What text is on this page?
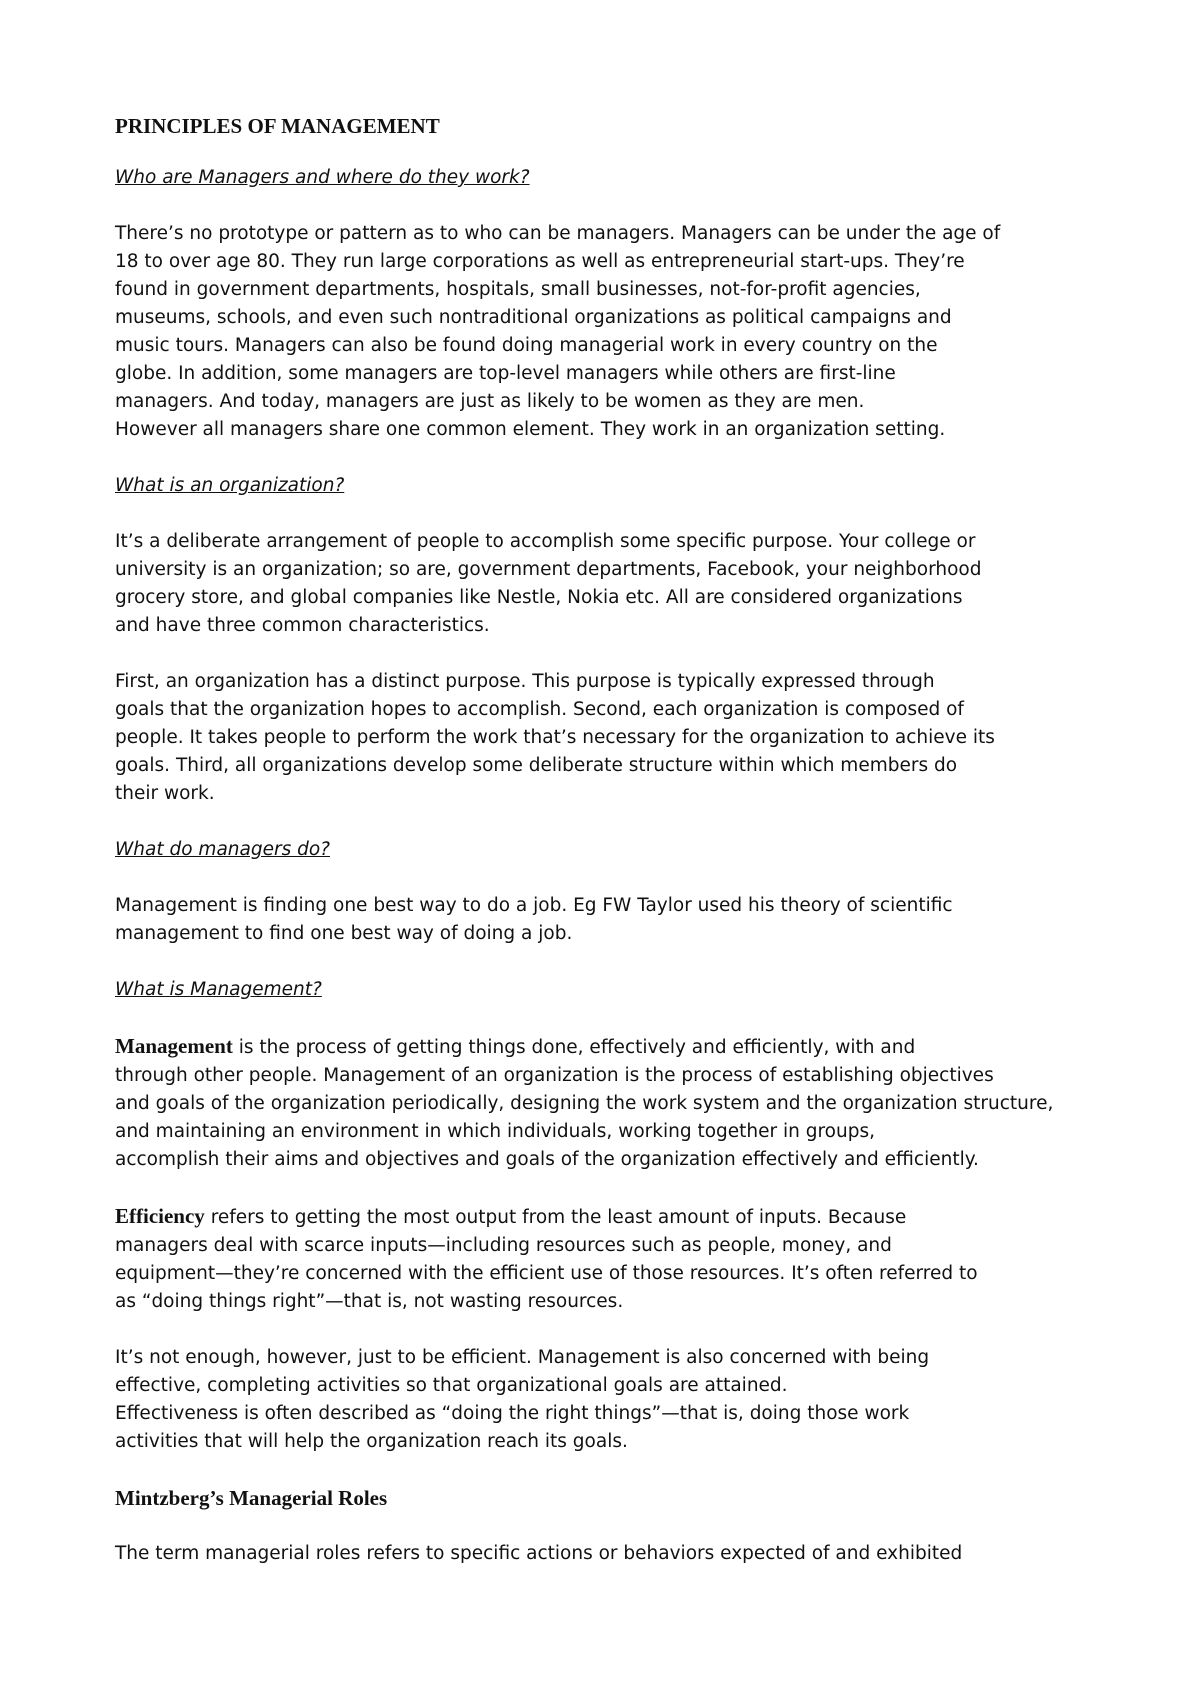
PRINCIPLES OF MANAGEMENT
Who are Managers and where do they work?
There’s no prototype or pattern as to who can be managers. Managers can be under the age of
18 to over age 80. They run large corporations as well as entrepreneurial start-ups. They’re
found in government departments, hospitals, small businesses, not-for-profit agencies,
museums, schools, and even such nontraditional organizations as political campaigns and
music tours. Managers can also be found doing managerial work in every country on the
globe. In addition, some managers are top-level managers while others are first-line
managers. And today, managers are just as likely to be women as they are men.
However all managers share one common element. They work in an organization setting.
What is an organization?
It’s a deliberate arrangement of people to accomplish some specific purpose. Your college or
university is an organization; so are, government departments, Facebook, your neighborhood
grocery store, and global companies like Nestle, Nokia etc. All are considered organizations
and have three common characteristics.
First, an organization has a distinct purpose. This purpose is typically expressed through
goals that the organization hopes to accomplish. Second, each organization is composed of
people. It takes people to perform the work that’s necessary for the organization to achieve its
goals. Third, all organizations develop some deliberate structure within which members do
their work.
What do managers do?
Management is finding one best way to do a job. Eg FW Taylor used his theory of scientific
management to find one best way of doing a job.
What is Management?
Management is the process of getting things done, effectively and efficiently, with and
through other people. Management of an organization is the process of establishing objectives
and goals of the organization periodically, designing the work system and the organization structure,
and maintaining an environment in which individuals, working together in groups,
accomplish their aims and objectives and goals of the organization effectively and efficiently.
Efficiency refers to getting the most output from the least amount of inputs. Because
managers deal with scarce inputs—including resources such as people, money, and
equipment—they’re concerned with the efficient use of those resources. It’s often referred to
as “doing things right”—that is, not wasting resources.
It’s not enough, however, just to be efficient. Management is also concerned with being
effective, completing activities so that organizational goals are attained.
Effectiveness is often described as “doing the right things”—that is, doing those work
activities that will help the organization reach its goals.
Mintzberg’s Managerial Roles
The term managerial roles refers to specific actions or behaviors expected of and exhibited
